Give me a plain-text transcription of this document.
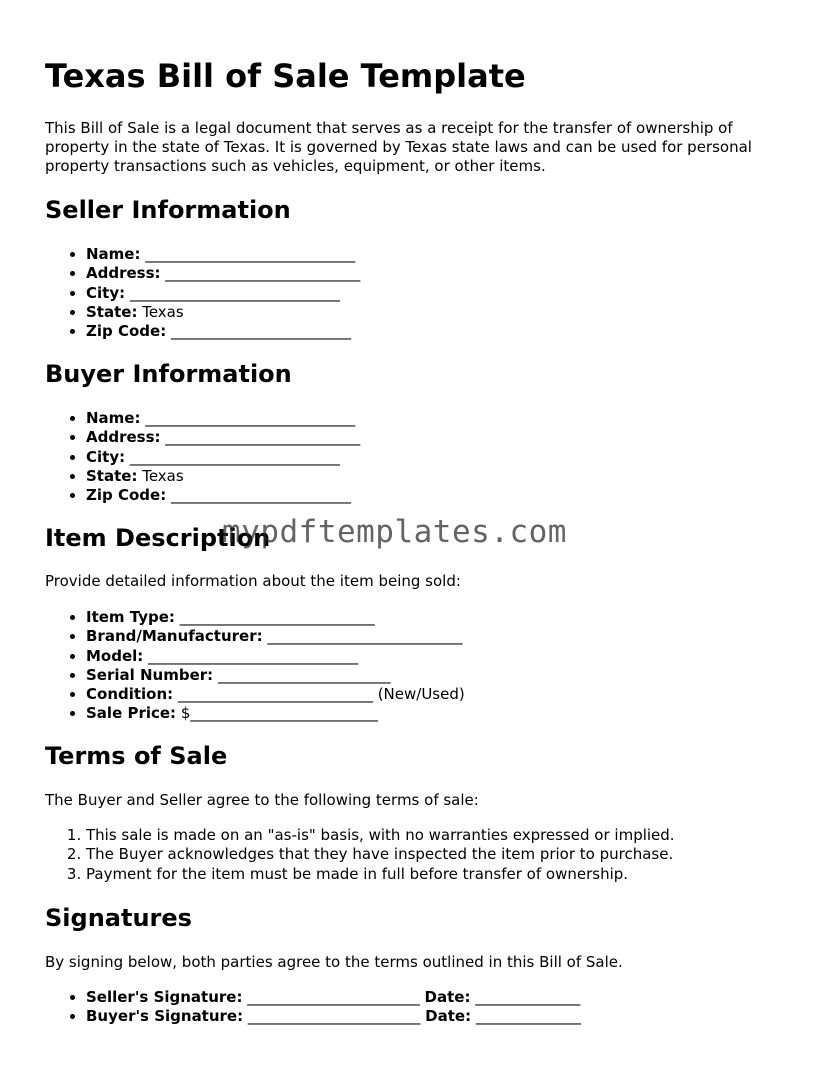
Texas Bill of Sale Template

This Bill of Sale is a legal document that serves as a receipt for the transfer of ownership of property in the state of Texas. It is governed by Texas state laws and can be used for personal property transactions such as vehicles, equipment, or other items.

Seller Information
• Name: ____________________________
• Address: __________________________
• City: ____________________________
• State: Texas
• Zip Code: ________________________
Buyer Information
• Name: ____________________________
• Address: __________________________
• City: ____________________________
• State: Texas
• Zip Code: ________________________
Item Description

Provide detailed information about the item being sold:

• Item Type: __________________________
• Brand/Manufacturer: __________________________
• Model: ____________________________
• Serial Number: _______________________
• Condition: __________________________ (New/Used)
• Sale Price: $_________________________
Terms of Sale

The Buyer and Seller agree to the following terms of sale:

1. This sale is made on an "as-is" basis, with no warranties expressed or implied.
2. The Buyer acknowledges that they have inspected the item prior to purchase.
3. Payment for the item must be made in full before transfer of ownership.
Signatures

By signing below, both parties agree to the terms outlined in this Bill of Sale.

• Seller's Signature: _______________________ Date: ______________
• Buyer's Signature: _______________________ Date: ______________
mypdftemplates.com
